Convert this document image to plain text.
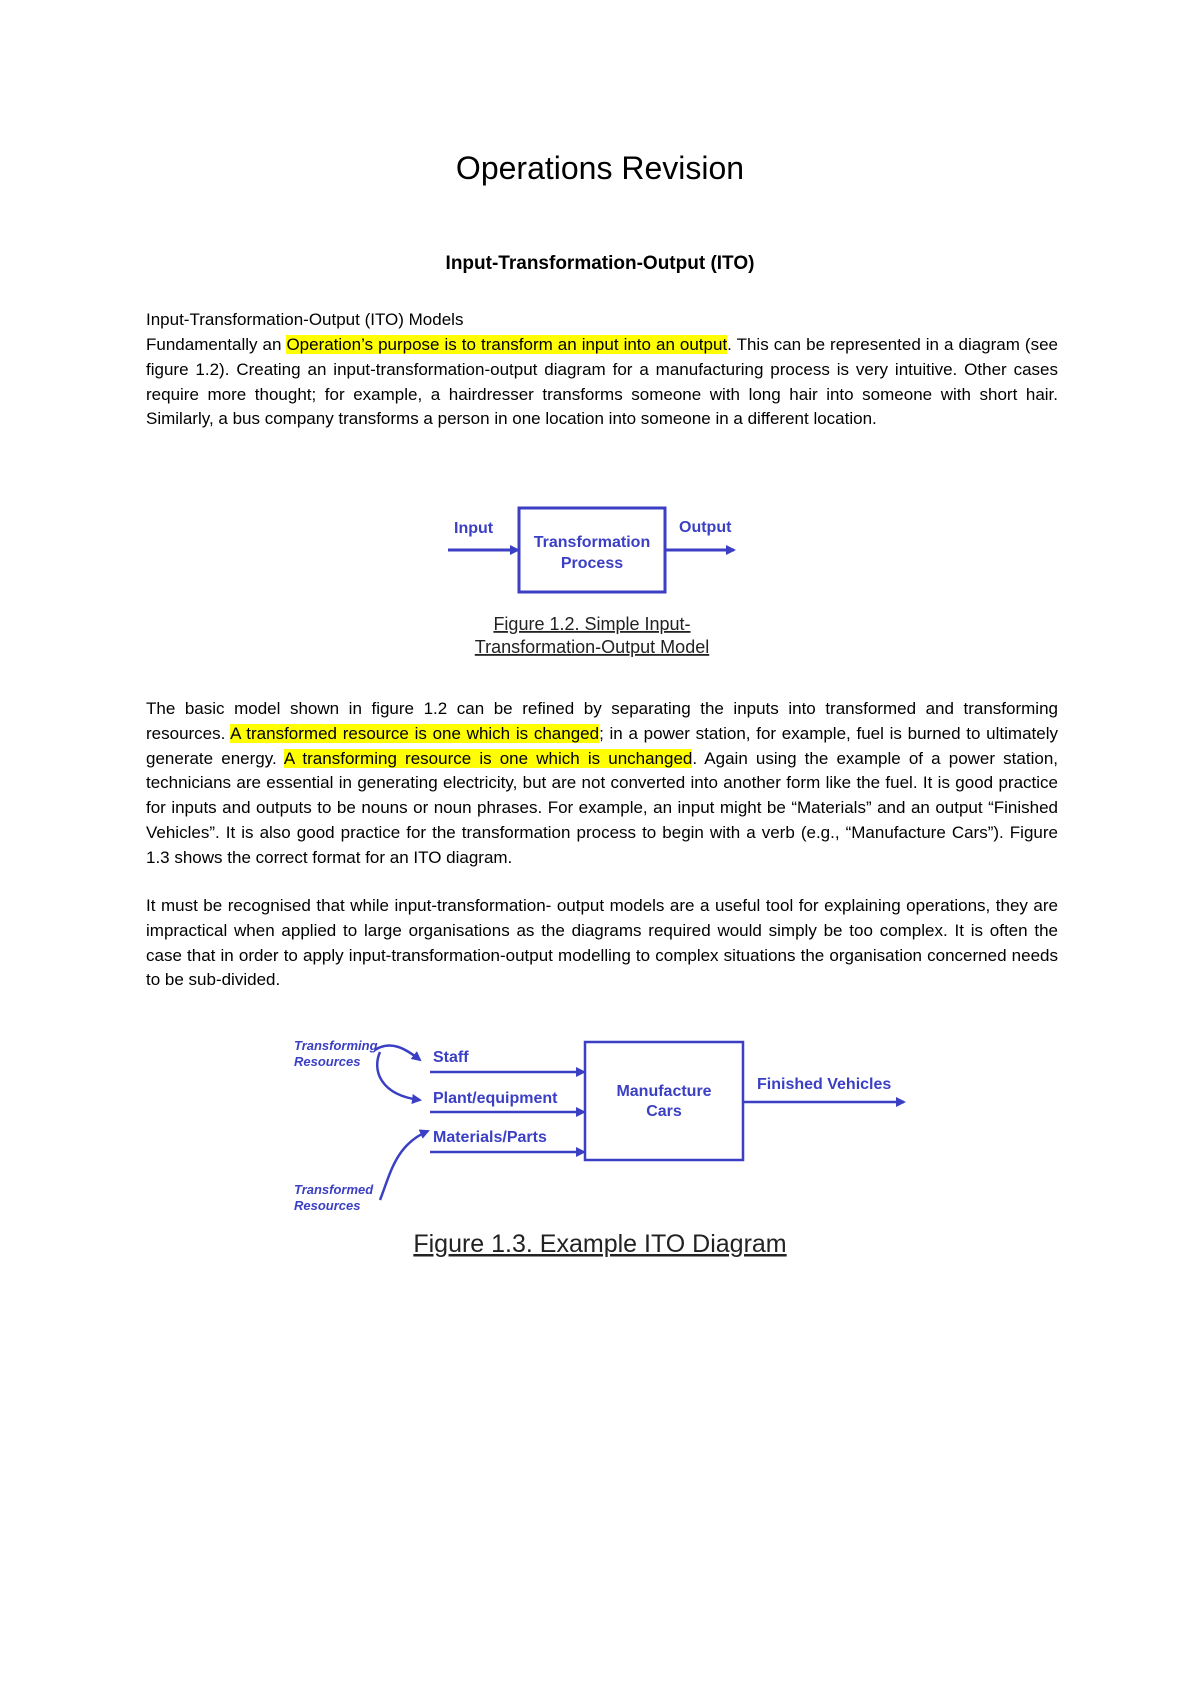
Operations Revision
Input-Transformation-Output (ITO)
Input-Transformation-Output (ITO) Models
Fundamentally an Operation’s purpose is to transform an input into an output. This can be represented in a diagram (see figure 1.2). Creating an input-transformation-output diagram for a manufacturing process is very intuitive. Other cases require more thought; for example, a hairdresser transforms someone with long hair into someone with short hair. Similarly, a bus company transforms a person in one location into someone in a different location.
Input
Transformation
Process
Output
Figure 1.2. Simple Input-
Transformation-Output Model
The basic model shown in figure 1.2 can be refined by separating the inputs into transformed and transforming resources. A transformed resource is one which is changed; in a power station, for example, fuel is burned to ultimately generate energy. A transforming resource is one which is unchanged. Again using the example of a power station, technicians are essential in generating electricity, but are not converted into another form like the fuel. It is good practice for inputs and outputs to be nouns or noun phrases. For example, an input might be “Materials” and an output “Finished Vehicles”. It is also good practice for the transformation process to begin with a verb (e.g., “Manufacture Cars”). Figure 1.3 shows the correct format for an ITO diagram.
It must be recognised that while input-transformation- output models are a useful tool for explaining operations, they are impractical when applied to large organisations as the diagrams required would simply be too complex. It is often the case that in order to apply input-transformation-output modelling to complex situations the organisation concerned needs to be sub-divided.
Transforming
Resources	Staff
Plant/equipment
Materials/Parts
Transformed
Resources
Manufacture
Cars
Finished Vehicles
Figure 1.3. Example ITO Diagram
